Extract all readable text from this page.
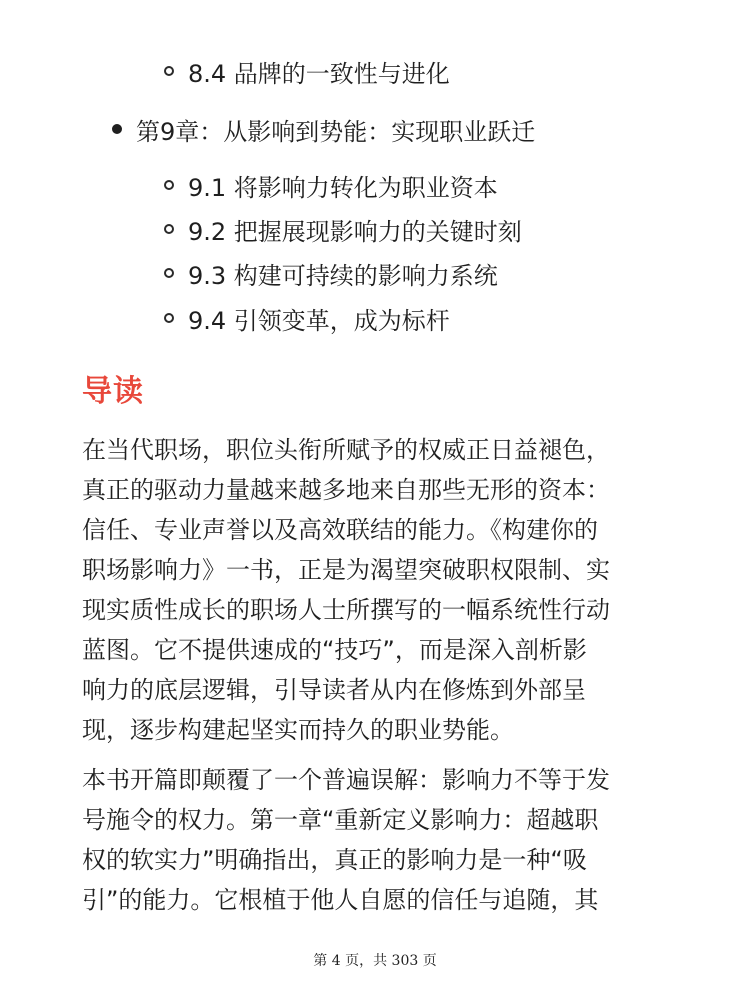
8.4 品牌的一致性与进化
第9章：从影响到势能：实现职业跃迁
9.1 将影响力转化为职业资本
9.2 把握展现影响力的关键时刻
9.3 构建可持续的影响力系统
9.4 引领变革，成为标杆
导读
在当代职场，职位头衔所赋予的权威正日益褪色，
真正的驱动力量越来越多地来自那些无形的资本：
信任、专业声誉以及高效联结的能力。《构建你的
职场影响力》一书，正是为渴望突破职权限制、实
现实质性成长的职场人士所撰写的一幅系统性行动
蓝图。它不提供速成的“技巧”，而是深入剖析影
响力的底层逻辑，引导读者从内在修炼到外部呈
现，逐步构建起坚实而持久的职业势能。
本书开篇即颠覆了一个普遍误解：影响力不等于发
号施令的权力。第一章“重新定义影响力：超越职
权的软实力”明确指出，真正的影响力是一种“吸
引”的能力。它根植于他人自愿的信任与追随，其
第 4 页，共 303 页
